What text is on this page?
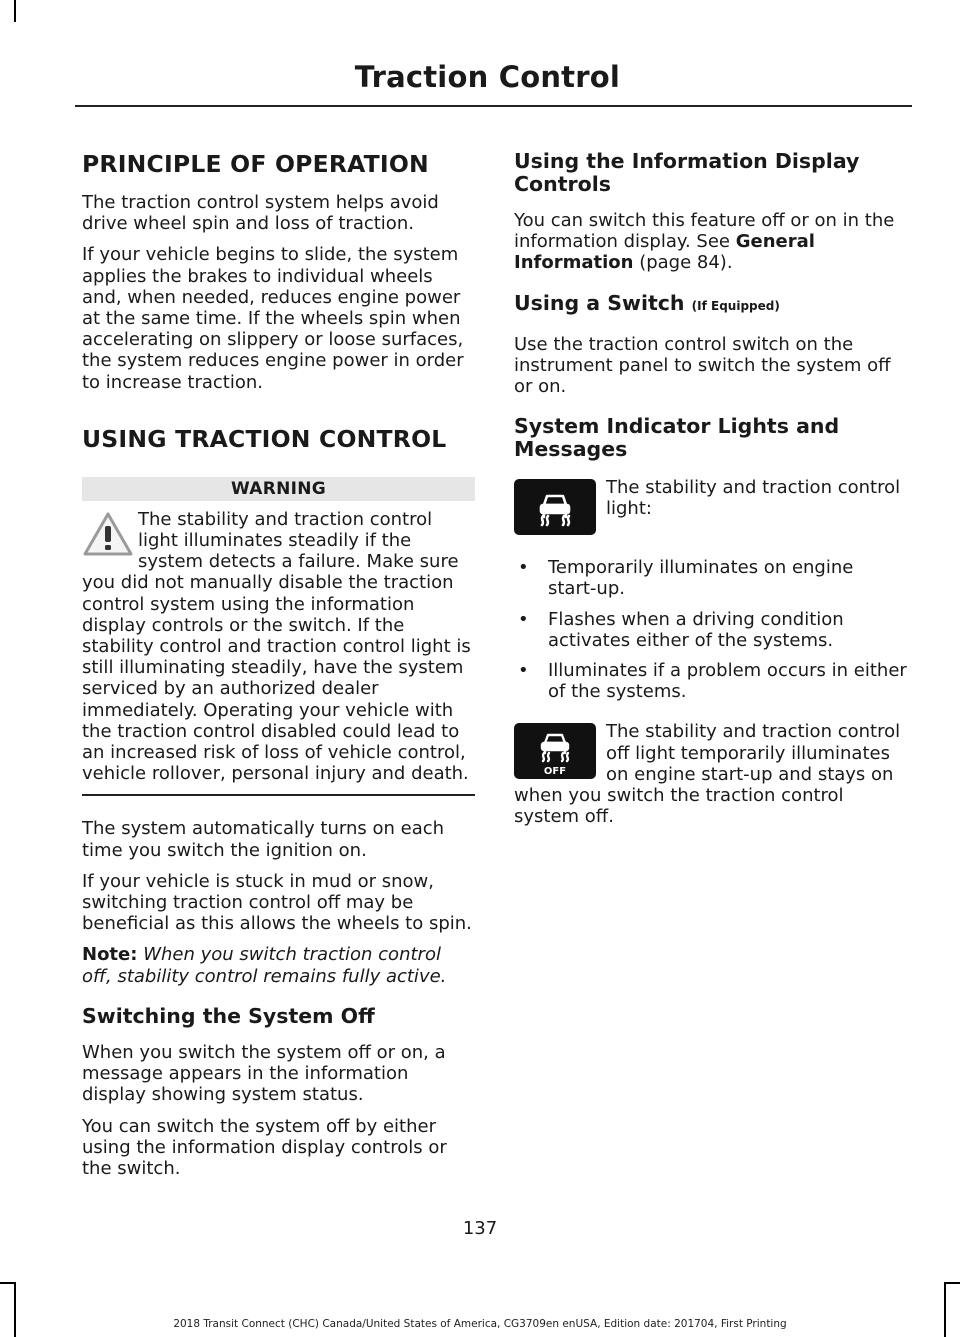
Traction Control
PRINCIPLE OF OPERATION

The traction control system helps avoid drive wheel spin and loss of traction.

If your vehicle begins to slide, the system applies the brakes to individual wheels and, when needed, reduces engine power at the same time. If the wheels spin when accelerating on slippery or loose surfaces, the system reduces engine power in order to increase traction.

USING TRACTION CONTROL
WARNING

The stability and traction control light illuminates steadily if the system detects a failure. Make sure you did not manually disable the traction control system using the information display controls or the switch. If the stability control and traction control light is still illuminating steadily, have the system serviced by an authorized dealer immediately. Operating your vehicle with the traction control disabled could lead to an increased risk of loss of vehicle control, vehicle rollover, personal injury and death.

The system automatically turns on each time you switch the ignition on.

If your vehicle is stuck in mud or snow, switching traction control off may be beneficial as this allows the wheels to spin.

Note: When you switch traction control off, stability control remains fully active.

Switching the System Off

When you switch the system off or on, a message appears in the information display showing system status.

You can switch the system off by either using the information display controls or the switch.

Using the Information Display Controls

You can switch this feature off or on in the information display. See General Information (page 84).

Using a Switch (If Equipped)

Use the traction control switch on the instrument panel to switch the system off or on.

System Indicator Lights and Messages

The stability and traction control light:

• Temporarily illuminates on engine start-up.
• Flashes when a driving condition activates either of the systems.
• Illuminates if a problem occurs in either of the systems.

OFF
The stability and traction control off light temporarily illuminates on engine start-up and stays on when you switch the traction control system off.

137
2018 Transit Connect (CHC) Canada/United States of America, CG3709en enUSA, Edition date: 201704, First Printing
